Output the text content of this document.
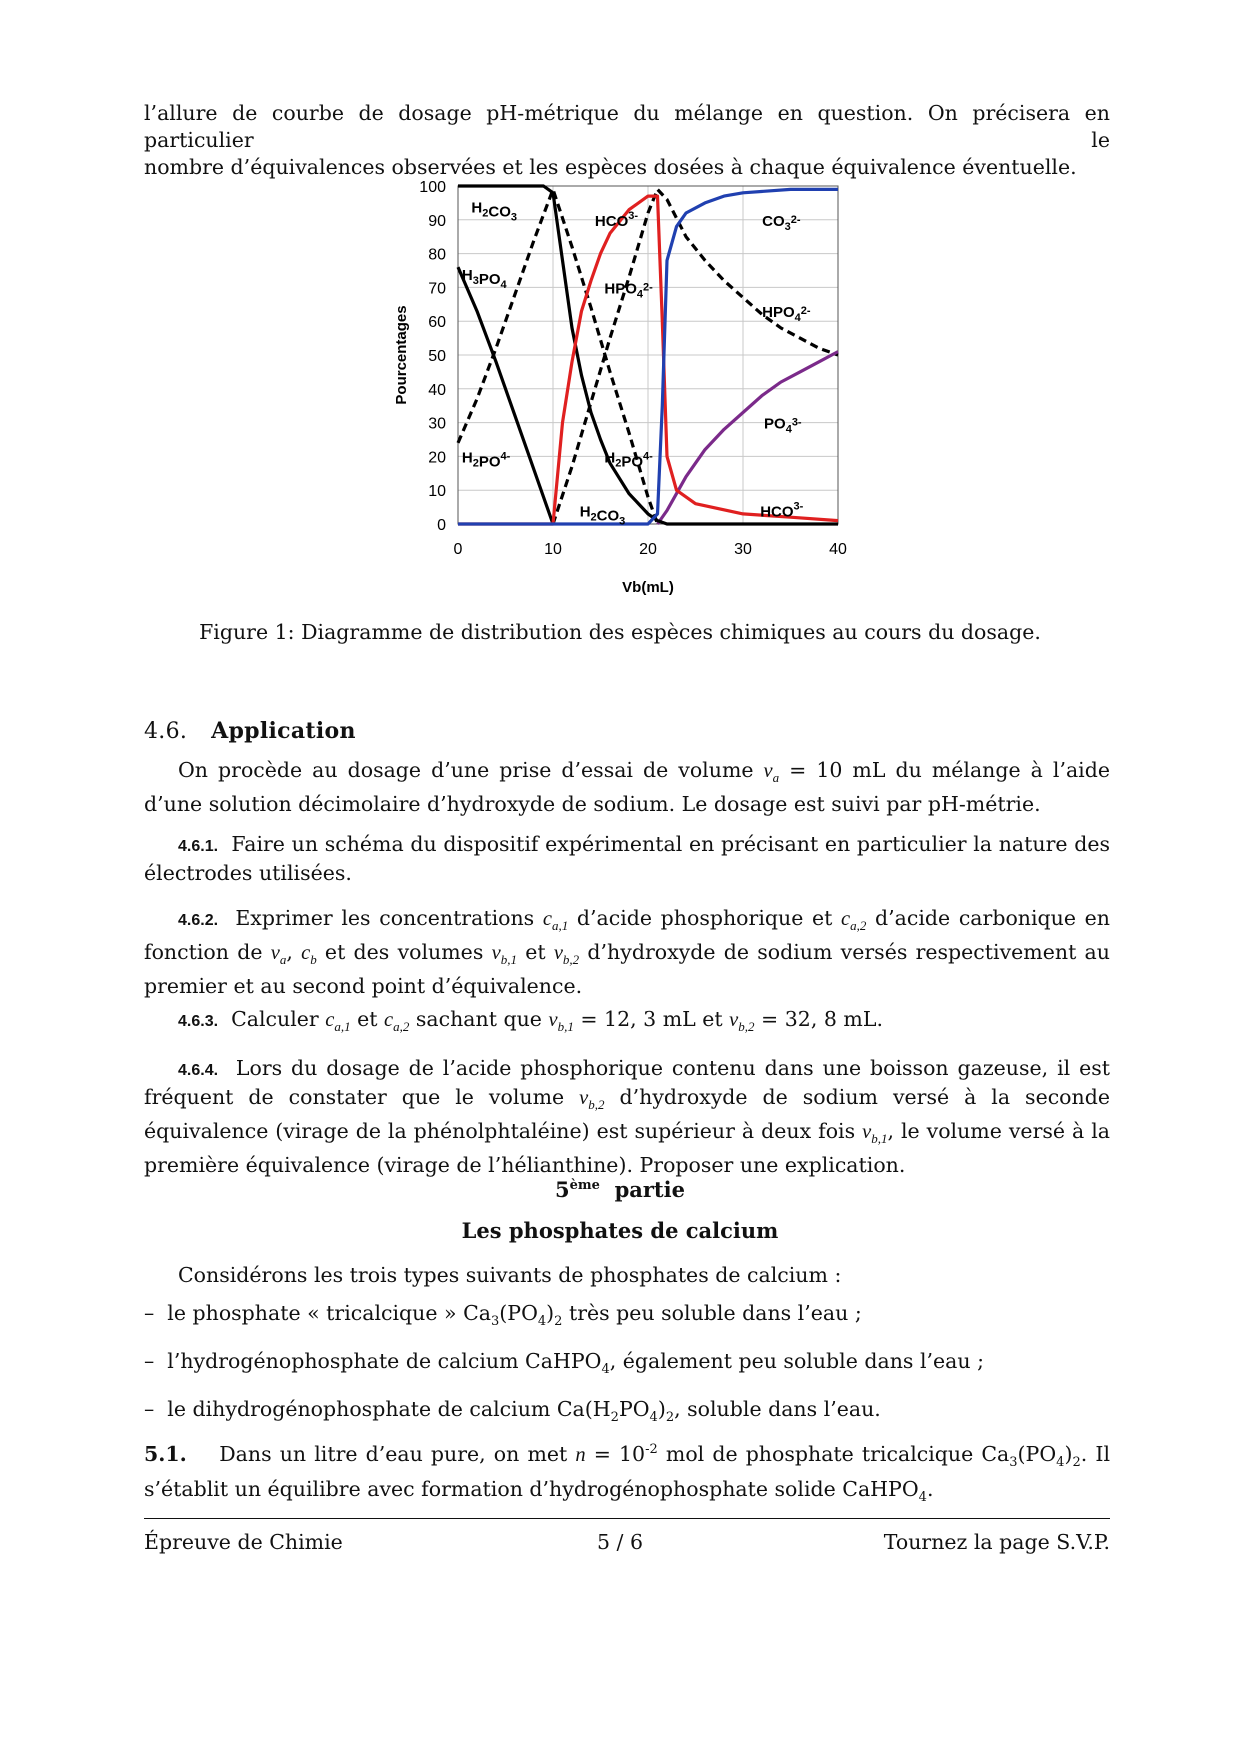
l’allure de courbe de dosage pH-métrique du mélange en question. On précisera en particulier le

nombre d’équivalences observées et les espèces dosées à chaque équivalence éventuelle.

0
10
20
30
40
50
60
70
80
90
100
0	10	20	30	40
Vb(mL)
Pourcentages
$H_2CO_3$
$H_3PO_4$
$H_2PO^{4-}$
$HCO^{3-}$
$HPO_4^{2-}$
$H_2PO^{4-}$
$H_2CO_3$
$CO_3^{2-}$
$HPO_4^{2-}$
$PO_4^{3-}$
$HCO^{3-}$
Figure 1: Diagramme de distribution des espèces chimiques au cours du dosage.
4.6. Application

On procède au dosage d’une prise d’essai de volume $v_a = 10$ mL du mélange à l’aide d’une solution décimolaire d’hydroxyde de sodium. Le dosage est suivi par pH-métrie.

4.6.1. Faire un schéma du dispositif expérimental en précisant en particulier la nature des électrodes utilisées.

4.6.2. Exprimer les concentrations $c_{a,1}$ d’acide phosphorique et $c_{a,2}$ d’acide carbonique en fonction de $v_a$, $c_b$ et des volumes $v_{b,1}$ et $v_{b,2}$ d’hydroxyde de sodium versés respectivement au premier et au second point d’équivalence.

4.6.3. Calculer $c_{a,1}$ et $c_{a,2}$ sachant que $v_{b,1} = 12$, 3 mL et $v_{b,2} = 32$, 8 mL.

4.6.4. Lors du dosage de l’acide phosphorique contenu dans une boisson gazeuse, il est fréquent de constater que le volume $v_{b,2}$ d’hydroxyde de sodium versé à la seconde équivalence (virage de la phénolphtaléine) est supérieur à deux fois $v_{b,1}$, le volume versé à la première équivalence (virage de l’hélianthine). Proposer une explication.

5ème partie
Les phosphates de calcium

Considérons les trois types suivants de phosphates de calcium :

–  le phosphate « tricalcique » $Ca_3(PO_4)_2$ très peu soluble dans l’eau ;
–  l’hydrogénophosphate de calcium CaHPO$_4$, également peu soluble dans l’eau ;
–  le dihydrogénophosphate de calcium $Ca(H_2PO_4)_2$, soluble dans l’eau.

5.1. Dans un litre d’eau pure, on met $n = 10^{-2}$ mol de phosphate tricalcique $Ca_3(PO_4)_2$. Il s’établit un équilibre avec formation d’hydrogénophosphate solide CaHPO$_4$.

Épreuve de Chimie	5 / 6	Tournez la page S.V.P.
